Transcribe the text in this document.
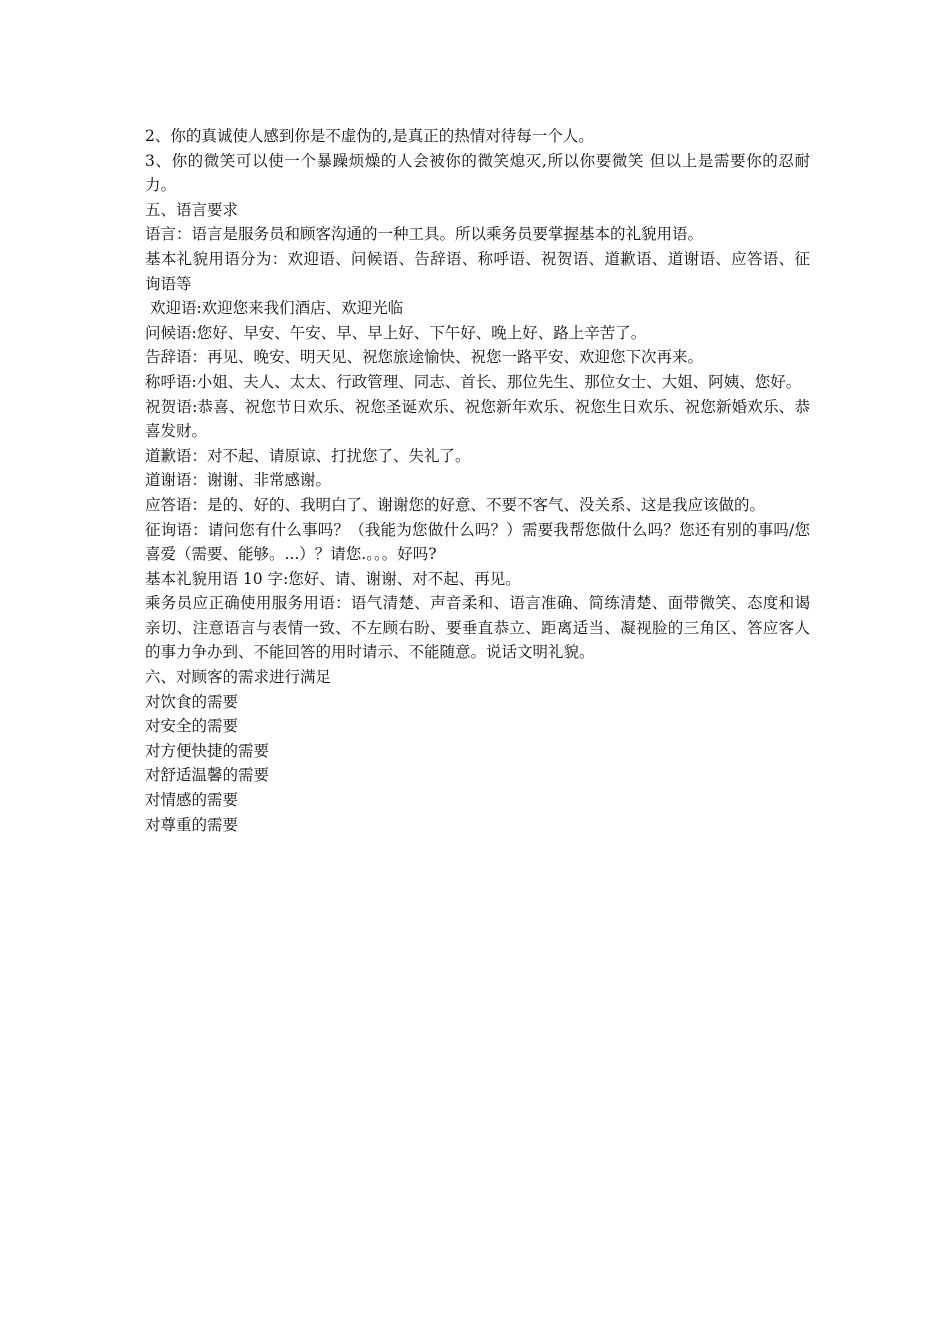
2、你的真诚使人感到你是不虚伪的,是真正的热情对待每一个人。

3、你的微笑可以使一个暴躁烦燥的人会被你的微笑熄灭,所以你要微笑 但以上是需要你的忍耐力。

五、语言要求

语言：语言是服务员和顾客沟通的一种工具。所以乘务员要掌握基本的礼貌用语。

基本礼貌用语分为：欢迎语、问候语、告辞语、称呼语、祝贺语、道歉语、道谢语、应答语、征询语等

欢迎语:欢迎您来我们酒店、欢迎光临

问候语:您好、早安、午安、早、早上好、下午好、晚上好、路上辛苦了。

告辞语：再见、晚安、明天见、祝您旅途愉快、祝您一路平安、欢迎您下次再来。

称呼语:小姐、夫人、太太、行政管理、同志、首长、那位先生、那位女士、大姐、阿姨、您好。

祝贺语:恭喜、祝您节日欢乐、祝您圣诞欢乐、祝您新年欢乐、祝您生日欢乐、祝您新婚欢乐、恭喜发财。

道歉语：对不起、请原谅、打扰您了、失礼了。

道谢语：谢谢、非常感谢。

应答语：是的、好的、我明白了、谢谢您的好意、不要不客气、没关系、这是我应该做的。

征询语：请问您有什么事吗？（我能为您做什么吗？）需要我帮您做什么吗？您还有别的事吗/您喜爱（需要、能够。...）？请您.。。。好吗?

基本礼貌用语 10 字:您好、请、谢谢、对不起、再见。

乘务员应正确使用服务用语：语气清楚、声音柔和、语言准确、简练清楚、面带微笑、态度和谒亲切、注意语言与表情一致、不左顾右盼、要垂直恭立、距离适当、凝视脸的三角区、答应客人的事力争办到、不能回答的用时请示、不能随意。说话文明礼貌。

六、对顾客的需求进行满足

对饮食的需要

对安全的需要

对方便快捷的需要

对舒适温馨的需要

对情感的需要

对尊重的需要
